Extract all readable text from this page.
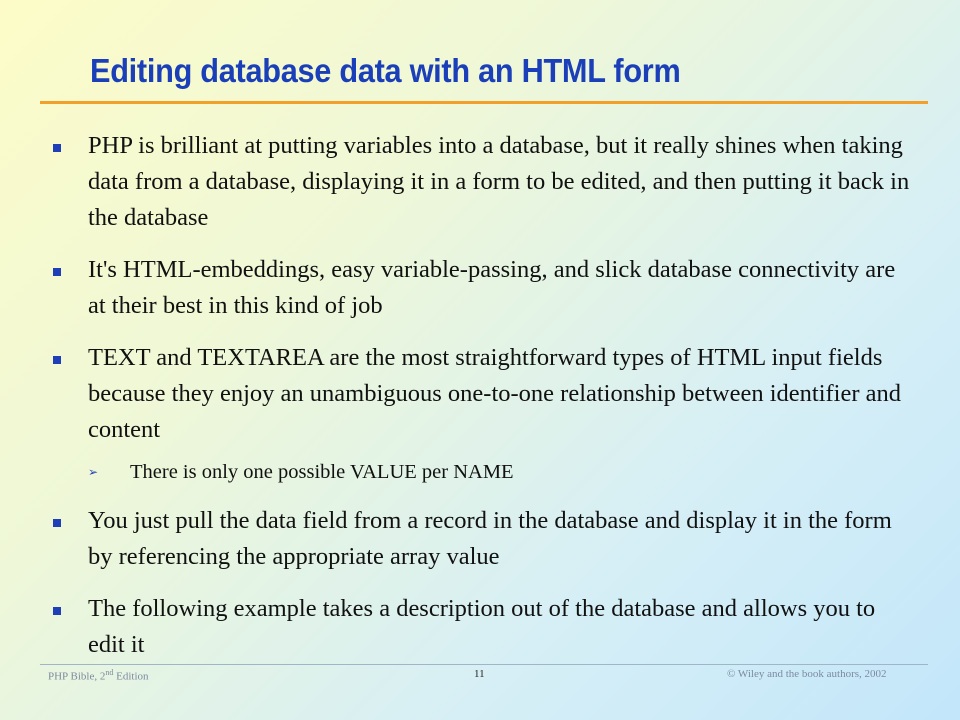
Editing database data with an HTML form
PHP is brilliant at putting variables into a database, but it really shines when taking data from a database, displaying it in a form to be edited, and then putting it back in the database
It's HTML-embeddings, easy variable-passing, and slick database connectivity are at their best in this kind of job
TEXT and TEXTAREA are the most straightforward types of HTML input fields because they enjoy an unambiguous one-to-one relationship between identifier and content
➢ There is only one possible VALUE per NAME
You just pull the data field from a record in the database and display it in the form by referencing the appropriate array value
The following example takes a description out of the database and allows you to edit it
PHP Bible, 2nd Edition	11	© Wiley and the book authors, 2002
